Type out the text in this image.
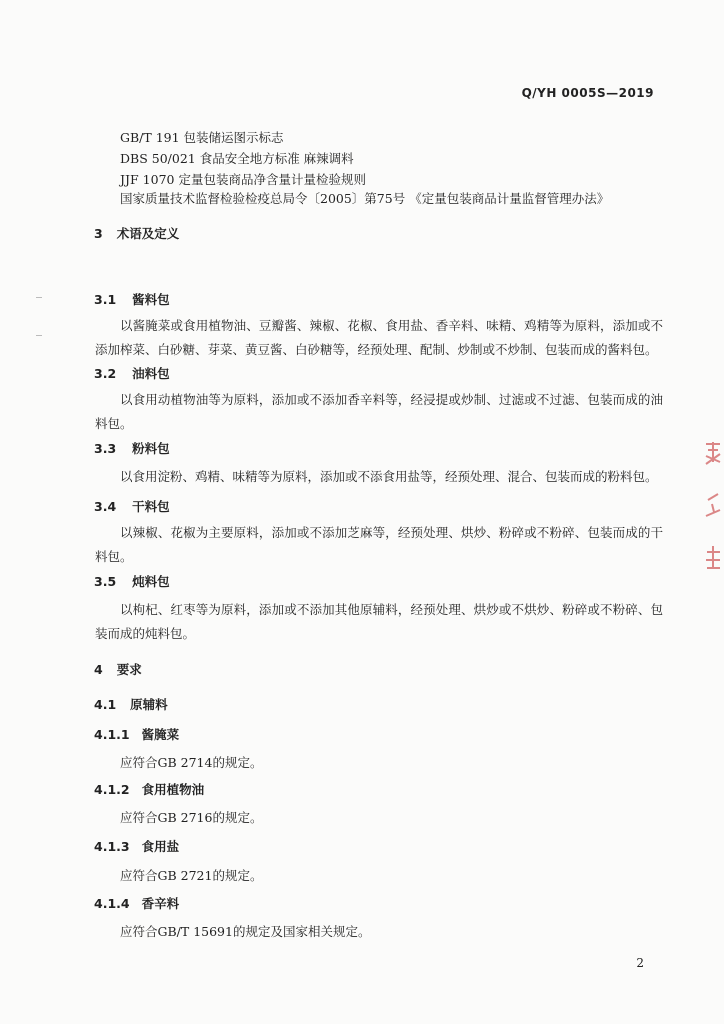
Q/YH 0005S—2019
GB/T 191 包装储运图示标志
DBS 50/021 食品安全地方标准 麻辣调料
JJF 1070 定量包装商品净含量计量检验规则
国家质量技术监督检验检疫总局令〔2005〕第75号 《定量包装商品计量监督管理办法》
3 术语及定义
3.1 酱料包
以酱腌菜或食用植物油、豆瓣酱、辣椒、花椒、食用盐、香辛料、味精、鸡精等为原料，添加或不添加榨菜、白砂糖、芽菜、黄豆酱、白砂糖等，经预处理、配制、炒制或不炒制、包装而成的酱料包。
3.2 油料包
以食用动植物油等为原料，添加或不添加香辛料等，经浸提或炒制、过滤或不过滤、包装而成的油料包。
3.3 粉料包
以食用淀粉、鸡精、味精等为原料，添加或不添食用盐等，经预处理、混合、包装而成的粉料包。
3.4 干料包
以辣椒、花椒为主要原料，添加或不添加芝麻等，经预处理、烘炒、粉碎或不粉碎、包装而成的干料包。
3.5 炖料包
以枸杞、红枣等为原料，添加或不添加其他原辅料，经预处理、烘炒或不烘炒、粉碎或不粉碎、包装而成的炖料包。
4 要求
4.1 原辅料
4.1.1 酱腌菜
应符合GB 2714的规定。
4.1.2 食用植物油
应符合GB 2716的规定。
4.1.3 食用盐
应符合GB 2721的规定。
4.1.4 香辛料
应符合GB/T 15691的规定及国家相关规定。
2
